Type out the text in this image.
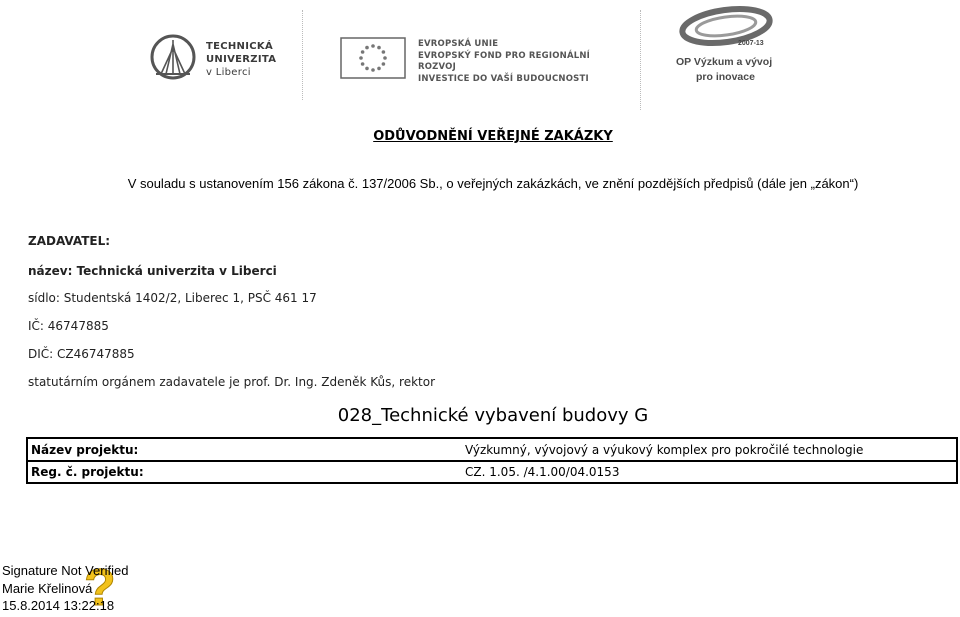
TECHNICKÁ
UNIVERZITA
v Liberci
EVROPSKÁ UNIE
EVROPSKÝ FOND PRO REGIONÁLNÍ ROZVOJ
INVESTICE DO VAŠÍ BUDOUCNOSTI
2007-13
OP Výzkum a vývoj
pro inovace
ODŮVODNĚNÍ VEŘEJNÉ ZAKÁZKY
V souladu s ustanovením 156 zákona č. 137/2006 Sb., o veřejných zakázkách, ve znění pozdějších předpisů (dále jen „zákon“)
ZADAVATEL:
název: Technická univerzita v Liberci
sídlo: Studentská 1402/2, Liberec 1, PSČ 461 17
IČ: 46747885
DIČ: CZ46747885
statutárním orgánem zadavatele je prof. Dr. Ing. Zdeněk Kůs, rektor
028_Technické vybavení budovy G
Název projektu:	Výzkumný, vývojový a výukový komplex pro pokročilé technologie
Reg. č. projektu:	CZ. 1.05. /4.1.00/04.0153
?
Signature Not Verified
Marie Křelinová
15.8.2014 13:22:18
